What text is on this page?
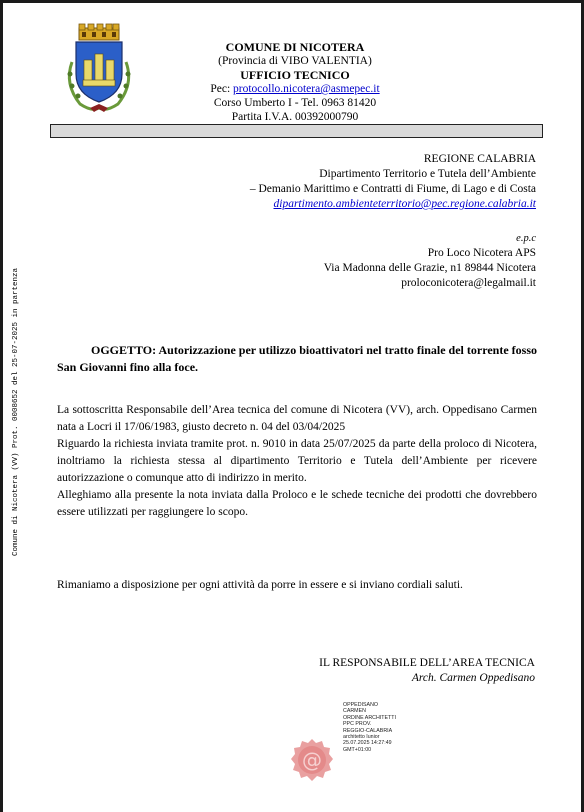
COMUNE DI NICOTERA
(Provincia di VIBO VALENTIA)
UFFICIO TECNICO
Pec: protocollo.nicotera@asmepec.it
Corso Umberto I - Tel. 0963 81420
Partita I.V.A. 00392000790
REGIONE CALABRIA
Dipartimento Territorio e Tutela dell’Ambiente
– Demanio Marittimo e Contratti di Fiume, di Lago e di Costa
dipartimento.ambienteterritorio@pec.regione.calabria.it
e.p.c
Pro Loco Nicotera APS
Via Madonna delle Grazie, n1 89844 Nicotera
proloconicotera@legalmail.it
Comune di Nicotera (VV) Prot. 0008652 del 25-07-2025 in partenza	OGGETTO: Autorizzazione per utilizzo bioattivatori nel tratto finale del torrente fosso San Giovanni fino alla foce.

La sottoscritta Responsabile dell’Area tecnica del comune di Nicotera (VV), arch. Oppedisano Carmen nata a Locri il 17/06/1983, giusto decreto n. 04 del 03/04/2025

Riguardo la richiesta inviata tramite prot. n. 9010 in data 25/07/2025 da parte della proloco di Nicotera, inoltriamo la richiesta stessa al dipartimento Territorio e Tutela dell’Ambiente per ricevere autorizzazione o comunque atto di indirizzo in merito.

Alleghiamo alla presente la nota inviata dalla Proloco e le schede tecniche dei prodotti che dovrebbero essere utilizzati per raggiungere lo scopo.

Rimaniamo a disposizione per ogni attività da porre in essere e si inviano cordiali saluti.
IL RESPONSABILE DELL’AREA TECNICA
Arch. Carmen Oppedisano
@
OPPEDISANO
CARMEN
ORDINE ARCHITETTI
PPC PROV.
REGGIO-CALABRIA
architetto Iunior
25.07.2025 14:27:49
GMT+01:00
